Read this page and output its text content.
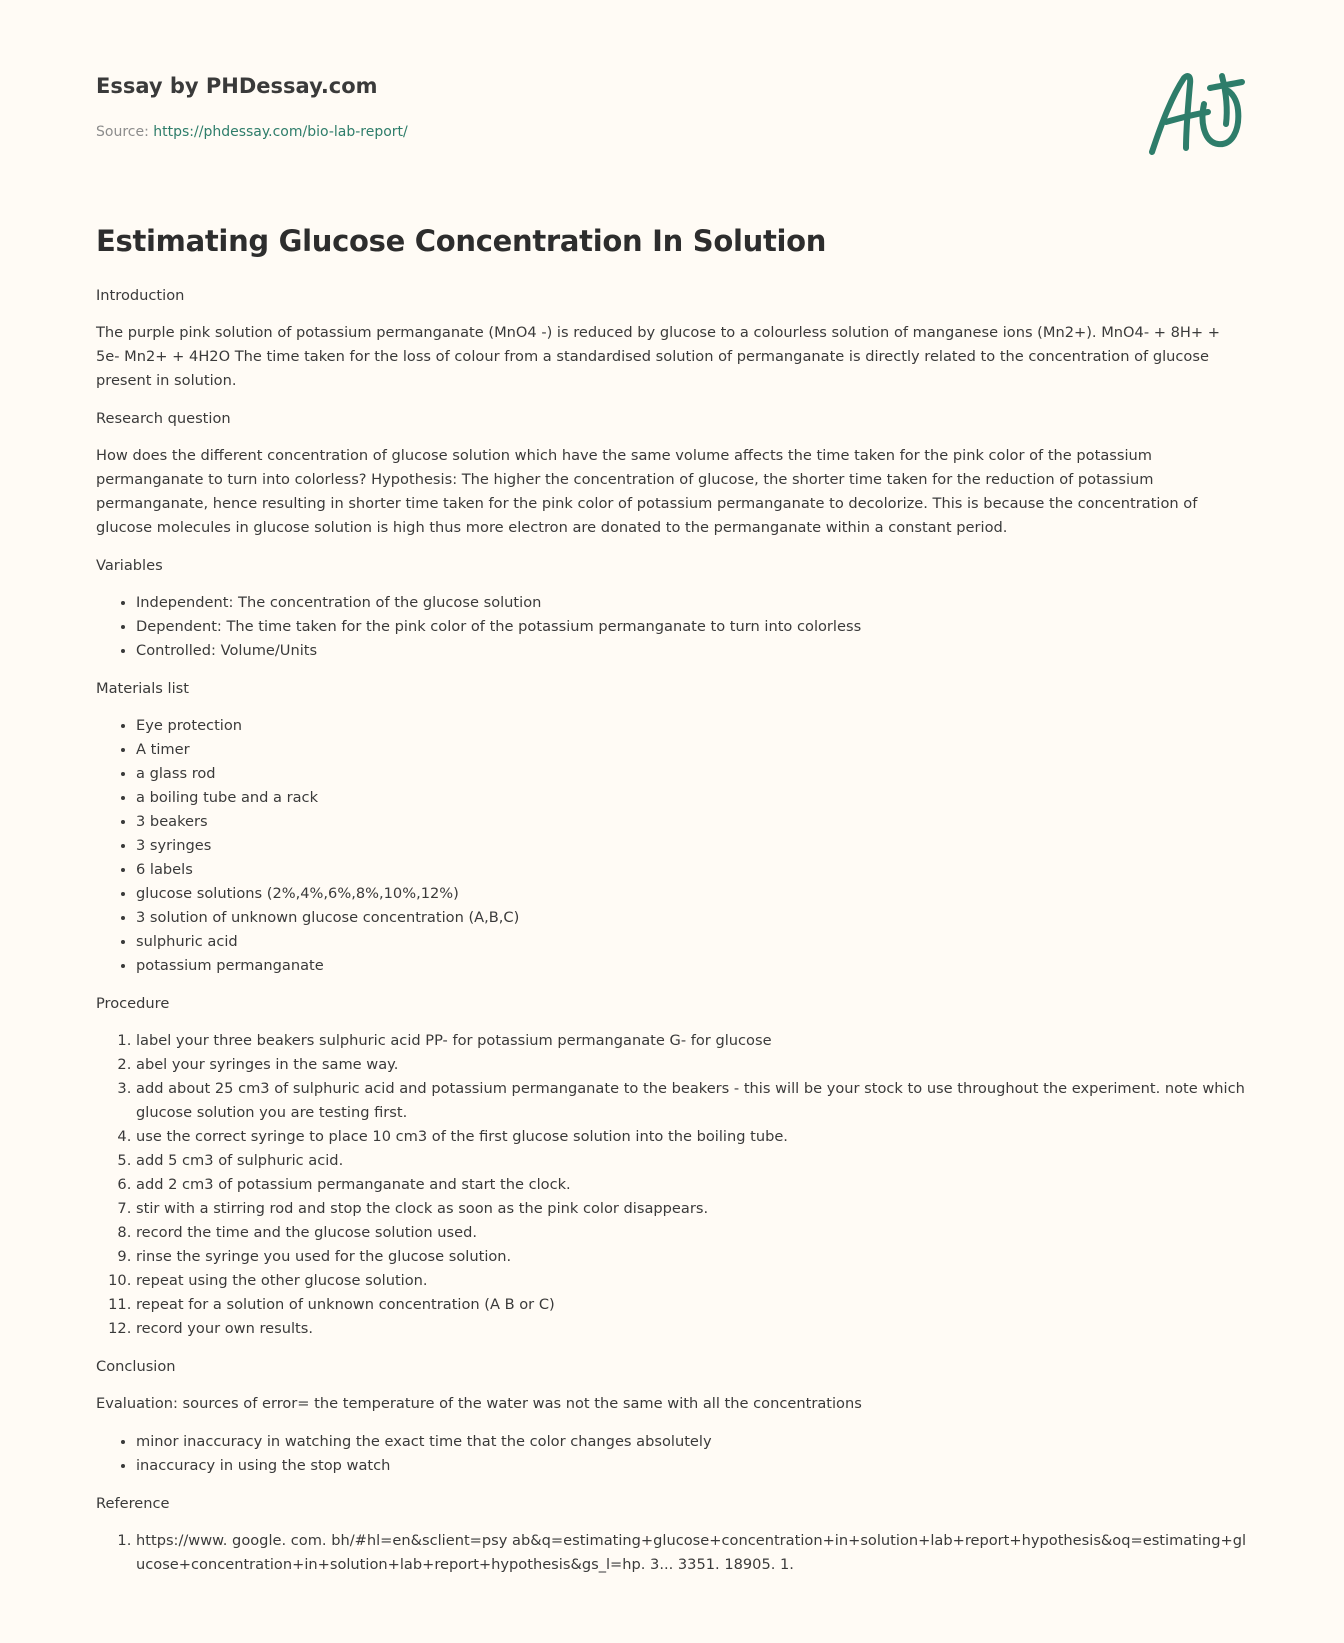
Essay by PHDessay.com
Source: https://phdessay.com/bio-lab-report/
Estimating Glucose Concentration In Solution

Introduction

The purple pink solution of potassium permanganate (MnO4 -) is reduced by glucose to a colourless solution of manganese ions (Mn2+). MnO4- + 8H+ + 5e- Mn2+ + 4H2O The time taken for the loss of colour from a standardised solution of permanganate is directly related to the concentration of glucose present in solution.

Research question

How does the different concentration of glucose solution which have the same volume affects the time taken for the pink color of the potassium permanganate to turn into colorless? Hypothesis: The higher the concentration of glucose, the shorter time taken for the reduction of potassium permanganate, hence resulting in shorter time taken for the pink color of potassium permanganate to decolorize. This is because the concentration of glucose molecules in glucose solution is high thus more electron are donated to the permanganate within a constant period.

Variables

• Independent: The concentration of the glucose solution
• Dependent: The time taken for the pink color of the potassium permanganate to turn into colorless
• Controlled: Volume/Units

Materials list

• Eye protection
• A timer
• a glass rod
• a boiling tube and a rack
• 3 beakers
• 3 syringes
• 6 labels
• glucose solutions (2%,4%,6%,8%,10%,12%)
• 3 solution of unknown glucose concentration (A,B,C)
• sulphuric acid
• potassium permanganate

Procedure

1. label your three beakers sulphuric acid PP- for potassium permanganate G- for glucose
2. abel your syringes in the same way.
3. add about 25 cm3 of sulphuric acid and potassium permanganate to the beakers - this will be your stock to use throughout the experiment. note which glucose solution you are testing first.
4. use the correct syringe to place 10 cm3 of the first glucose solution into the boiling tube.
5. add 5 cm3 of sulphuric acid.
6. add 2 cm3 of potassium permanganate and start the clock.
7. stir with a stirring rod and stop the clock as soon as the pink color disappears.
8. record the time and the glucose solution used.
9. rinse the syringe you used for the glucose solution.
10. repeat using the other glucose solution.
11. repeat for a solution of unknown concentration (A B or C)
12. record your own results.

Conclusion

Evaluation: sources of error= the temperature of the water was not the same with all the concentrations

• minor inaccuracy in watching the exact time that the color changes absolutely
• inaccuracy in using the stop watch

Reference

1. https://www. google. com. bh/#hl=en&sclient=psy ab&q=estimating+glucose+concentration+in+solution+lab+report+hypothesis&oq=estimating+glucose+concentration+in+solution+lab+report+hypothesis&gs_l=hp. 3... 3351. 18905. 1.
